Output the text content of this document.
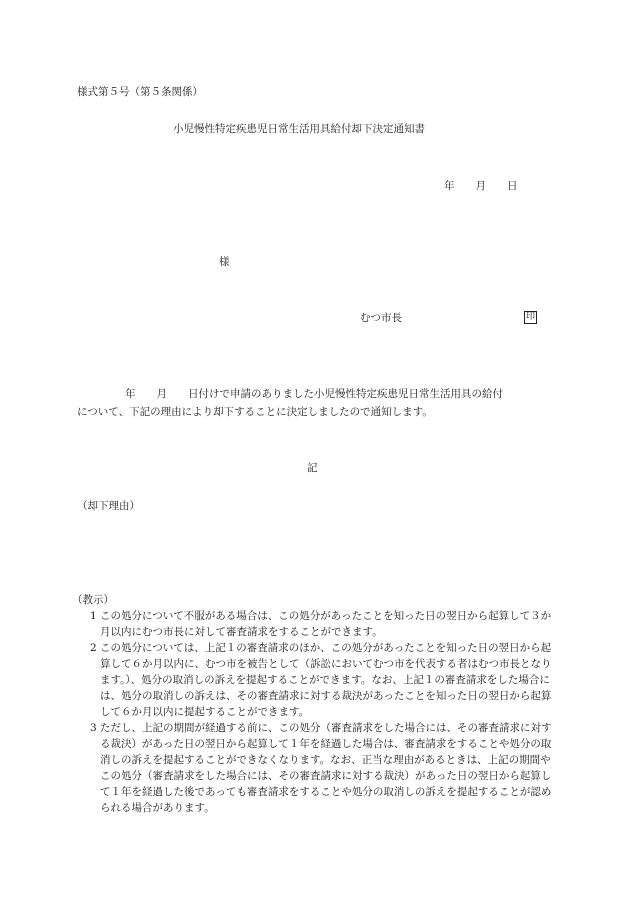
様式第５号（第５条関係）
小児慢性特定疾患児日常生活用具給付却下決定通知書
年　　月　　日
様
むつ市長	印
年　　月　　日付けで申請のありました小児慢性特定疾患児日常生活用具の給付
について、下記の理由により却下することに決定しましたので通知します。
記
（却下理由）

（教示）

1 この処分について不服がある場合は、この処分があったことを知った日の翌日から起算して３か月以内にむつ市長に対して審査請求をすることができます。
2 この処分については、上記１の審査請求のほか、この処分があったことを知った日の翌日から起算して６か月以内に、むつ市を被告として（訴訟においてむつ市を代表する者はむつ市長となります。）、処分の取消しの訴えを提起することができます。なお、上記１の審査請求をした場合には、処分の取消しの訴えは、その審査請求に対する裁決があったことを知った日の翌日から起算して６か月以内に提起することができます。
3 ただし、上記の期間が経過する前に、この処分（審査請求をした場合には、その審査請求に対する裁決）があった日の翌日から起算して１年を経過した場合は、審査請求をすることや処分の取消しの訴えを提起することができなくなります。なお、正当な理由があるときは、上記の期間やこの処分（審査請求をした場合には、その審査請求に対する裁決）があった日の翌日から起算して１年を経過した後であっても審査請求をすることや処分の取消しの訴えを提起することが認められる場合があります。
